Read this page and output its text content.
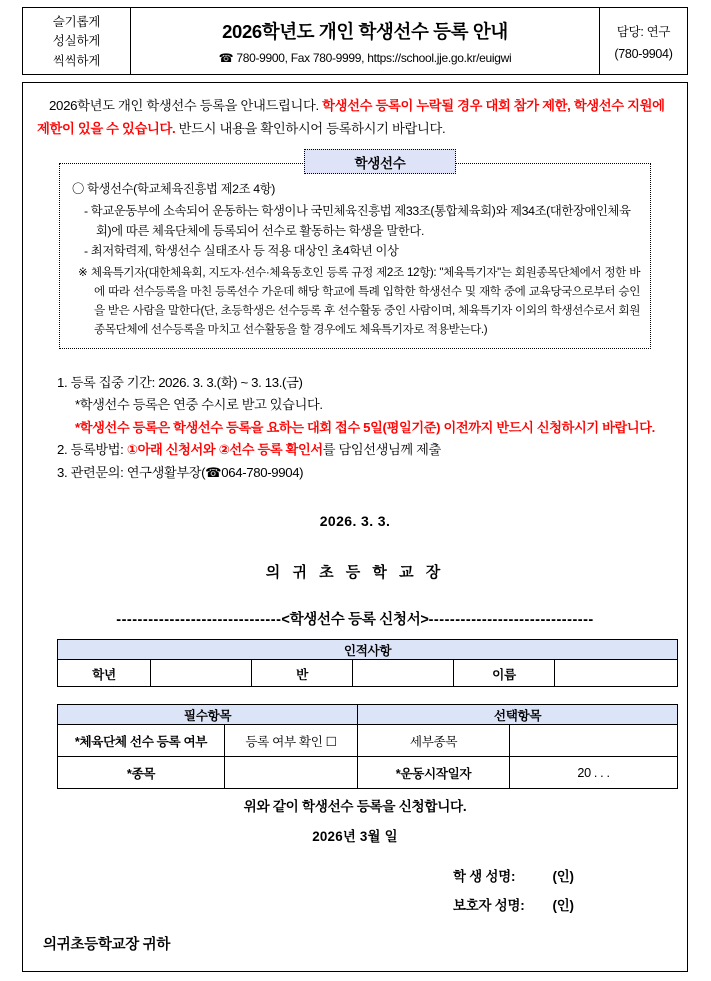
슬기롭게
성실하게
씩씩하게
2026학년도 개인 학생선수 등록 안내
☎ 780-9900, Fax 780-9999, https://school.jje.go.kr/euigwi
담당: 연구
(780-9904)
2026학년도 개인 학생선수 등록을 안내드립니다. 학생선수 등록이 누락될 경우 대회 참가 제한, 학생선수 지원에 제한이 있을 수 있습니다. 반드시 내용을 확인하시어 등록하시기 바랍니다.
학생선수
〇 학생선수(학교체육진흥법 제2조 4항)
- 학교운동부에 소속되어 운동하는 학생이나 국민체육진흥법 제33조(통합체육회)와 제34조(대한장애인체육회)에 따른 체육단체에 등록되어 선수로 활동하는 학생을 말한다.
- 최저학력제, 학생선수 실태조사 등 적용 대상인 초4학년 이상
※ 체육특기자(대한체육회, 지도자·선수·체육동호인 등록 규정 제2조 12항): "체육특기자"는 회원종목단체에서 정한 바에 따라 선수등록을 마친 등록선수 가운데 해당 학교에 특례 입학한 학생선수 및 재학 중에 교육당국으로부터 승인을 받은 사람을 말한다(단, 초등학생은 선수등록 후 선수활동 중인 사람이며, 체육특기자 이외의 학생선수로서 회원종목단체에 선수등록을 마치고 선수활동을 할 경우에도 체육특기자로 적용받는다.)
1. 등록 집중 기간: 2026. 3. 3.(화) ~ 3. 13.(금)
*학생선수 등록은 연중 수시로 받고 있습니다.
*학생선수 등록은 학생선수 등록을 요하는 대회 접수 5일(평일기준) 이전까지 반드시 신청하시기 바랍니다.
2. 등록방법: ①아래 신청서와 ②선수 등록 확인서를 담임선생님께 제출
3. 관련문의: 연구생활부장(☎064-780-9904)
2026. 3. 3.
의 귀 초 등 학 교 장
-------------------------------<학생선수 등록 신청서>-------------------------------
인적사항
학년		반		이름	
필수항목		선택항목	
*체육단체 선수 등록 여부	등록 여부 확인 ☐	세부종목	
*종목		*운동시작일자	20 . . .
위와 같이 학생선수 등록을 신청합니다.
2026년 3월 일
학 생 성명:	(인)
보호자 성명: (인)
의귀초등학교장 귀하
